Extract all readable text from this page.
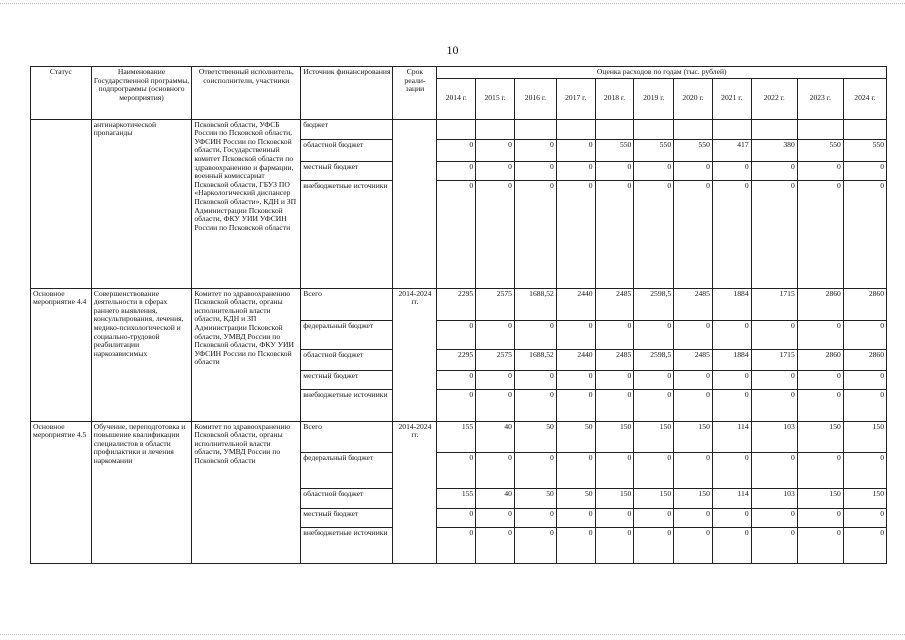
10
Статус	Наименование Государственной программы, подпрограммы (основного мероприятия)	Ответственный исполнитель, соисполнители, участники	Источник финансирования	Срок реали-зации	Оценка расходов по годам (тыс. рублей)										
					2014 г.	2015 г.	2016 г.	2017 г.	2018 г.	2019 г.	2020 г.	2021 г.	2022 г.	2023 г.	2024 г.
	антинаркотической пропаганды	Псковской области, УФСБ России по Псковской области, УФСИН России по Псковской области, Государственный комитет Псковской области по здравоохранению и фармации, военный комиссариат Псковской области, ГБУЗ ПО «Наркологический диспансер Псковской области», КДН и ЗП Администрации Псковской области, ФКУ УИИ УФСИН России по Псковской области	бюджет												
			областной бюджет		0	0	0	0	550	550	550	417	380	550	550
			местный бюджет		0	0	0	0	0	0	0	0	0	0	0
			внебюджетные источники		0	0	0	0	0	0	0	0	0	0	0
Основное мероприятие 4.4	Совершенствование деятельности в сферах раннего выявления, консультирования, лечения, медико-психологической и социально-трудовой реабилитации наркозависимых	Комитет по здравоохранению Псковской области, органы исполнительной власти области, КДН и ЗП Администрации Псковской области, УМВД России по Псковской области, ФКУ УИИ УФСИН России по Псковской области	Всего	2014-2024 гг.	2295	2575	1688,52	2440	2485	2598,5	2485	1884	1715	2860	2860
			федеральный бюджет		0	0	0	0	0	0	0	0	0	0	0
			областной бюджет		2295	2575	1688,52	2440	2485	2598,5	2485	1884	1715	2860	2860
			местный бюджет		0	0	0	0	0	0	0	0	0	0	0
			внебюджетные источники		0	0	0	0	0	0	0	0	0	0	0
Основное мероприятие 4.5	Обучение, переподготовка и повышение квалификации специалистов в области профилактики и лечения наркомании	Комитет по здравоохранению Псковской области, органы исполнительной власти области, УМВД России по Псковской области	Всего	2014-2024 гг.	155	40	50	50	150	150	150	114	103	150	150
			федеральный бюджет		0	0	0	0	0	0	0	0	0	0	0
			областной бюджет		155	40	50	50	150	150	150	114	103	150	150
			местный бюджет		0	0	0	0	0	0	0	0	0	0	0
			внебюджетные источники		0	0	0	0	0	0	0	0	0	0	0
